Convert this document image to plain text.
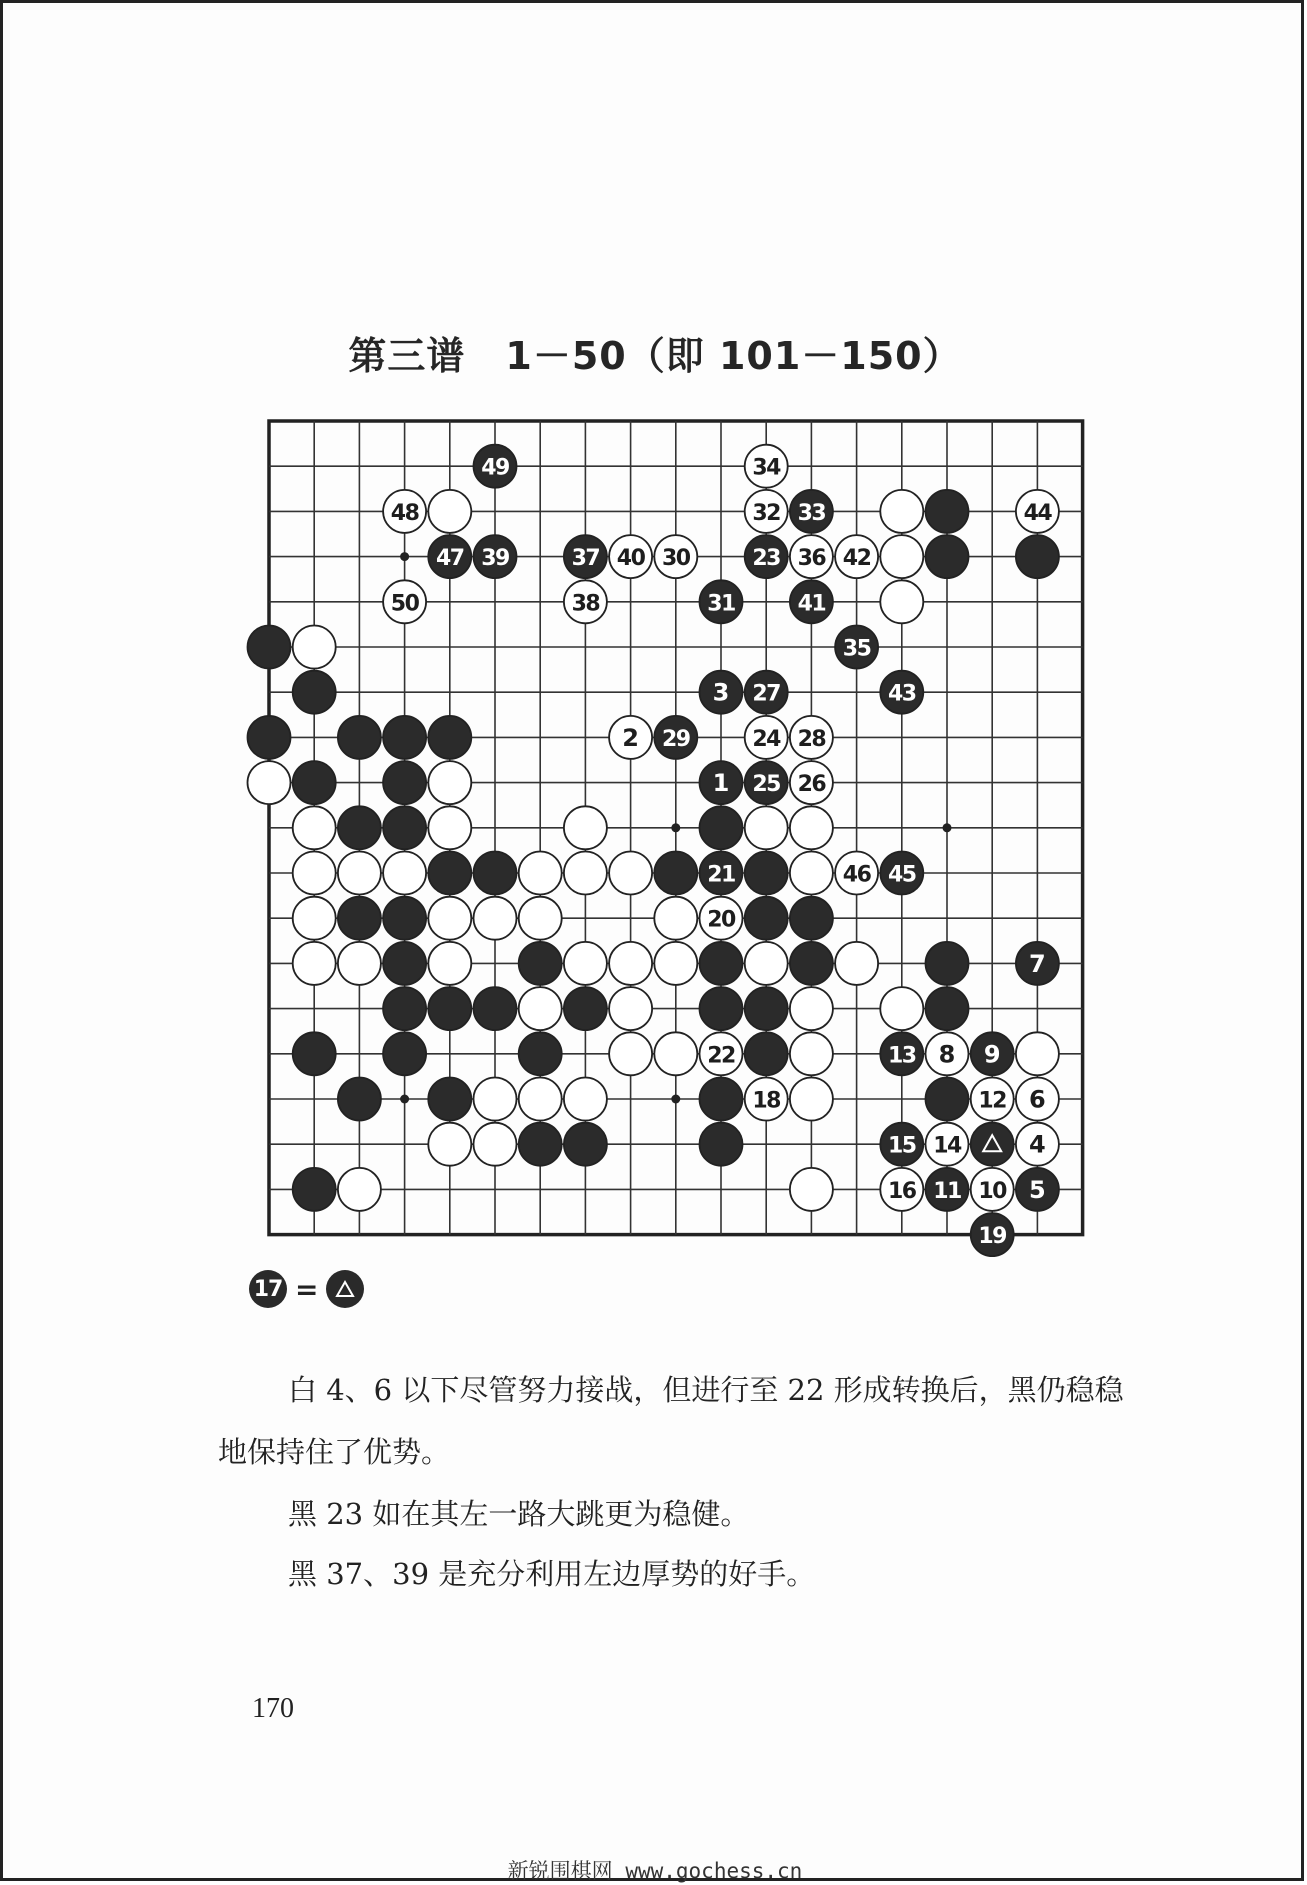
第三谱 1－50（即 101－150）
49	34
48	32 33	44
47 39	37 40 30	23 36 42
50	38	31	41
35
3 27	43
2 29	24 28
1 25 26
21	46 45
20
7
22	13 8 9
18	12 6
15 14	4
16 11 10 5
19
17 =

白 4、6 以下尽管努力接战，但进行至 22 形成转换后，黑仍稳稳地保持住了优势。

黑 23 如在其左一路大跳更为稳健。

黑 37、39 是充分利用左边厚势的好手。

170
新锐围棋网 www.gochess.cn
